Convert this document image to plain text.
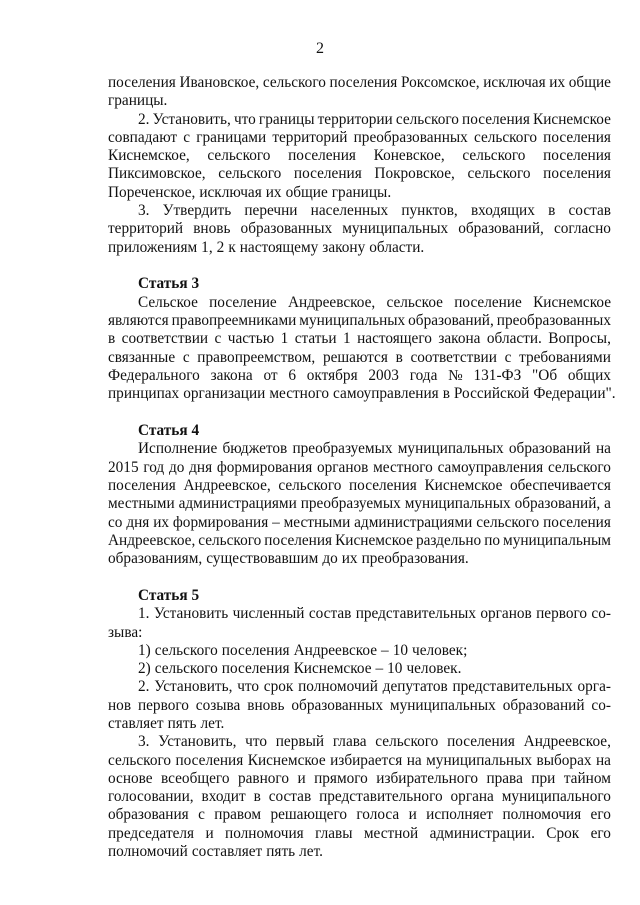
2
поселения Ивановское, сельского поселения Роксомское, исключая их общие
границы.
2. Установить, что границы территории сельского поселения Киснемское
совпадают с границами территорий преобразованных сельского поселения
Киснемское, сельского поселения Коневское, сельского поселения
Пиксимовское, сельского поселения Покровское, сельского поселения
Пореченское, исключая их общие границы.
3. Утвердить перечни населенных пунктов, входящих в состав
территорий вновь образованных муниципальных образований, согласно
приложениям 1, 2 к настоящему закону области.
Статья 3
Сельское поселение Андреевское, сельское поселение Киснемское
являются правопреемниками муниципальных образований, преобразованных
в соответствии с частью 1 статьи 1 настоящего закона области. Вопросы,
связанные с правопреемством, решаются в соответствии с требованиями
Федерального закона от 6 октября 2003 года № 131-ФЗ "Об общих
принципах организации местного самоуправления в Российской Федерации".
Статья 4
Исполнение бюджетов преобразуемых муниципальных образований на
2015 год до дня формирования органов местного самоуправления сельского
поселения Андреевское, сельского поселения Киснемское обеспечивается
местными администрациями преобразуемых муниципальных образований, а
со дня их формирования – местными администрациями сельского поселения
Андреевское, сельского поселения Киснемское раздельно по муниципальным
образованиям, существовавшим до их преобразования.
Статья 5
1. Установить численный состав представительных органов первого со-
зыва:
1) сельского поселения Андреевское – 10 человек;
2) сельского поселения Киснемское – 10 человек.
2. Установить, что срок полномочий депутатов представительных орга-
нов первого созыва вновь образованных муниципальных образований со-
ставляет пять лет.
3. Установить, что первый глава сельского поселения Андреевское,
сельского поселения Киснемское избирается на муниципальных выборах на
основе всеобщего равного и прямого избирательного права при тайном
голосовании, входит в состав представительного органа муниципального
образования с правом решающего голоса и исполняет полномочия его
председателя и полномочия главы местной администрации. Срок его
полномочий составляет пять лет.
